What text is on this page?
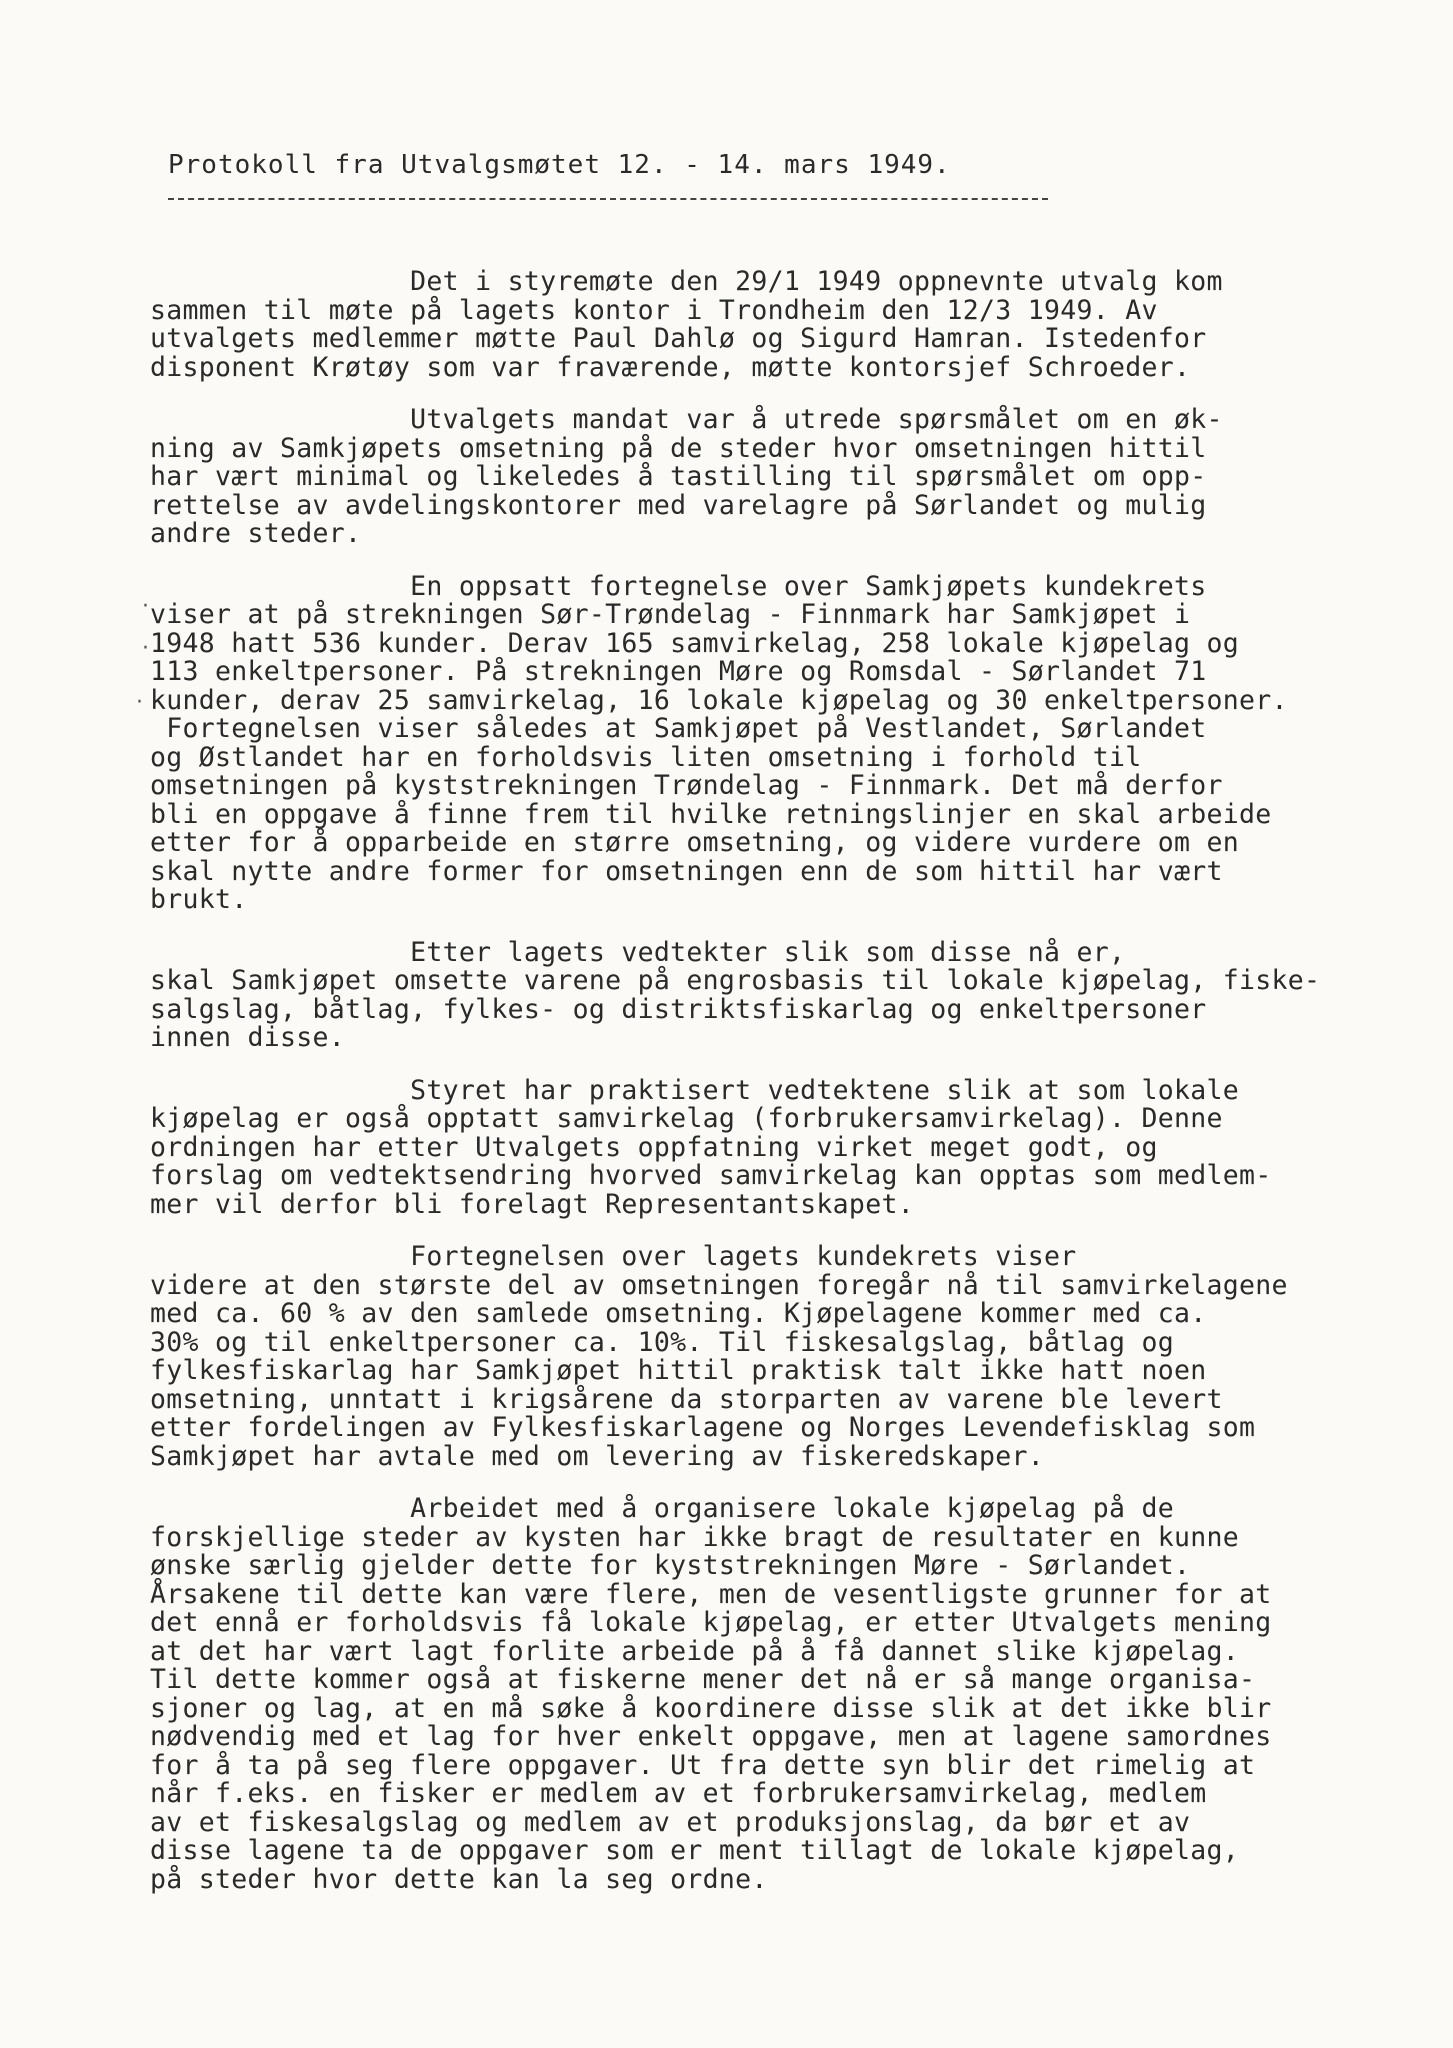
Protokoll fra Utvalgsmøtet 12. - 14. mars 1949.
·
·
·
Det i styremøte den 29/1 1949 oppnevnte utvalg kom
sammen til møte på lagets kontor i Trondheim den 12/3 1949. Av
utvalgets medlemmer møtte Paul Dahlø og Sigurd Hamran. Istedenfor
disponent Krøtøy som var fraværende, møtte kontorsjef Schroeder.
Utvalgets mandat var å utrede spørsmålet om en øk-
ning av Samkjøpets omsetning på de steder hvor omsetningen hittil
har vært minimal og likeledes å tastilling til spørsmålet om opp-
rettelse av avdelingskontorer med varelagre på Sørlandet og mulig
andre steder.
En oppsatt fortegnelse over Samkjøpets kundekrets
viser at på strekningen Sør-Trøndelag - Finnmark har Samkjøpet i
1948 hatt 536 kunder. Derav 165 samvirkelag, 258 lokale kjøpelag og
113 enkeltpersoner. På strekningen Møre og Romsdal - Sørlandet 71
kunder, derav 25 samvirkelag, 16 lokale kjøpelag og 30 enkeltpersoner.
Fortegnelsen viser således at Samkjøpet på Vestlandet, Sørlandet
og Østlandet har en forholdsvis liten omsetning i forhold til
omsetningen på kyststrekningen Trøndelag - Finnmark. Det må derfor
bli en oppgave å finne frem til hvilke retningslinjer en skal arbeide
etter for å opparbeide en større omsetning, og videre vurdere om en
skal nytte andre former for omsetningen enn de som hittil har vært
brukt.
Etter lagets vedtekter slik som disse nå er,
skal Samkjøpet omsette varene på engrosbasis til lokale kjøpelag, fiske-
salgslag, båtlag, fylkes- og distriktsfiskarlag og enkeltpersoner
innen disse.
Styret har praktisert vedtektene slik at som lokale
kjøpelag er også opptatt samvirkelag (forbrukersamvirkelag). Denne
ordningen har etter Utvalgets oppfatning virket meget godt, og
forslag om vedtektsendring hvorved samvirkelag kan opptas som medlem-
mer vil derfor bli forelagt Representantskapet.
Fortegnelsen over lagets kundekrets viser
videre at den største del av omsetningen foregår nå til samvirkelagene
med ca. 60 % av den samlede omsetning. Kjøpelagene kommer med ca.
30% og til enkeltpersoner ca. 10%. Til fiskesalgslag, båtlag og
fylkesfiskarlag har Samkjøpet hittil praktisk talt ikke hatt noen
omsetning, unntatt i krigsårene da storparten av varene ble levert
etter fordelingen av Fylkesfiskarlagene og Norges Levendefisklag som
Samkjøpet har avtale med om levering av fiskeredskaper.
Arbeidet med å organisere lokale kjøpelag på de
forskjellige steder av kysten har ikke bragt de resultater en kunne
ønske særlig gjelder dette for kyststrekningen Møre - Sørlandet.
Årsakene til dette kan være flere, men de vesentligste grunner for at
det ennå er forholdsvis få lokale kjøpelag, er etter Utvalgets mening
at det har vært lagt forlite arbeide på å få dannet slike kjøpelag.
Til dette kommer også at fiskerne mener det nå er så mange organisa-
sjoner og lag, at en må søke å koordinere disse slik at det ikke blir
nødvendig med et lag for hver enkelt oppgave, men at lagene samordnes
for å ta på seg flere oppgaver. Ut fra dette syn blir det rimelig at
når f.eks. en fisker er medlem av et forbrukersamvirkelag, medlem
av et fiskesalgslag og medlem av et produksjonslag, da bør et av
disse lagene ta de oppgaver som er ment tillagt de lokale kjøpelag,
på steder hvor dette kan la seg ordne.
